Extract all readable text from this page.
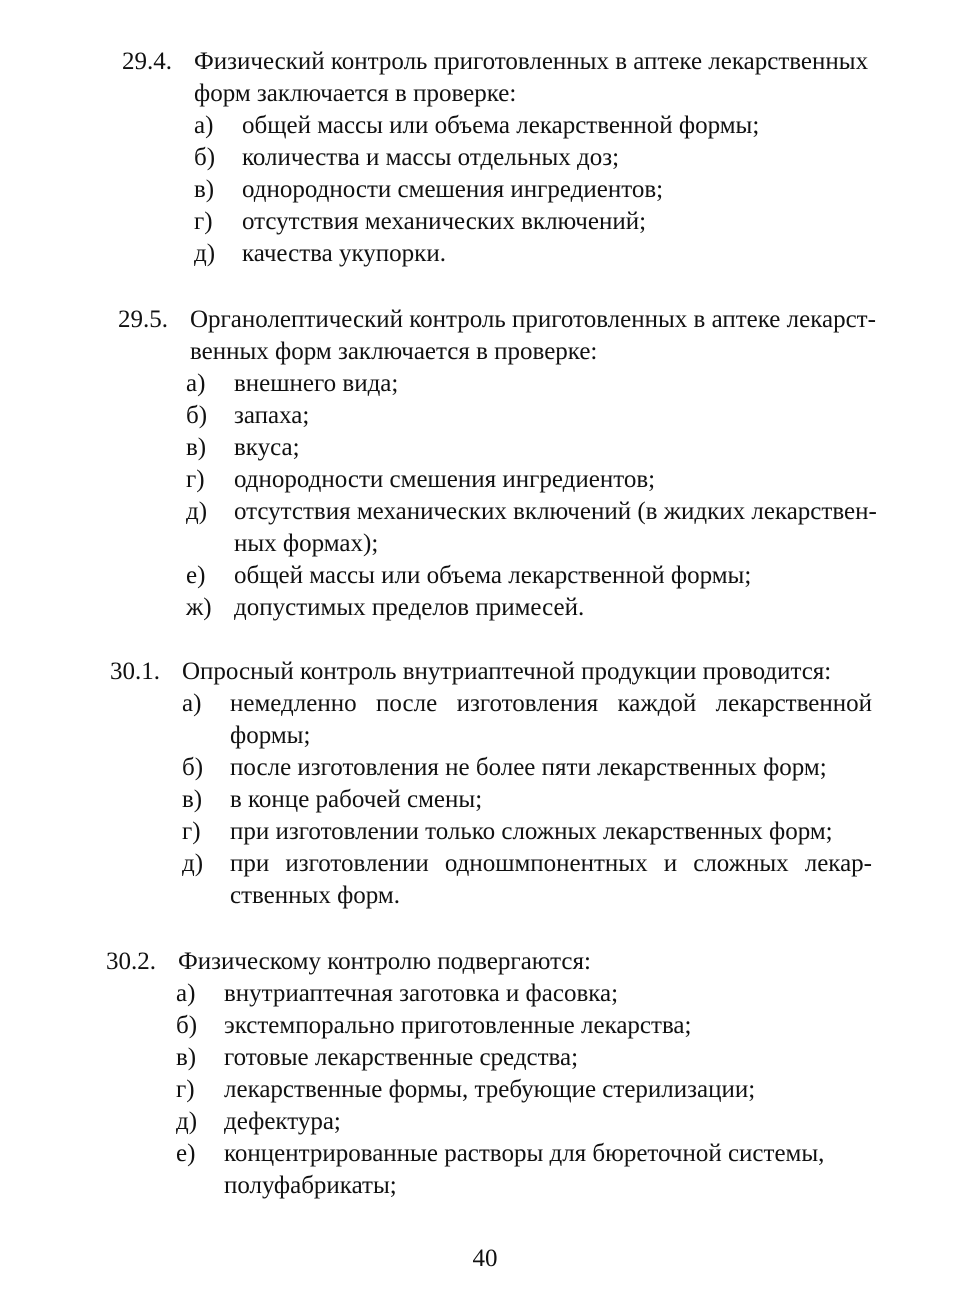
29.4. Физический контроль приготовленных в аптеке лекарственных форм заключается в проверке:
а) общей массы или объема лекарственной формы;
б) количества и массы отдельных доз;
в) однородности смешения ингредиентов;
г) отсутствия механических включений;
д) качества укупорки.
29.5. Органолептический контроль приготовленных в аптеке лекарст-венных форм заключается в проверке:
а) внешнего вида;
б) запаха;
в) вкуса;
г) однородности смешения ингредиентов;
д) отсутствия механических включений (в жидких лекарствен-ных формах);
е) общей массы или объема лекарственной формы;
ж) допустимых пределов примесей.
30.1. Опросный контроль внутриаптечной продукции проводится:
а) немедленно после изготовления каждой лекарственной формы;
б) после изготовления не более пяти лекарственных форм;
в) в конце рабочей смены;
г) при изготовлении только сложных лекарственных форм;
д) при изготовлении одношмпонентных и сложных лекар-ственных форм.
30.2. Физическому контролю подвергаются:
а) внутриаптечная заготовка и фасовка;
б) экстемпорально приготовленные лекарства;
в) готовые лекарственные средства;
г) лекарственные формы, требующие стерилизации;
д) дефектура;
е) концентрированные растворы для бюреточной системы, полуфабрикаты;
40
